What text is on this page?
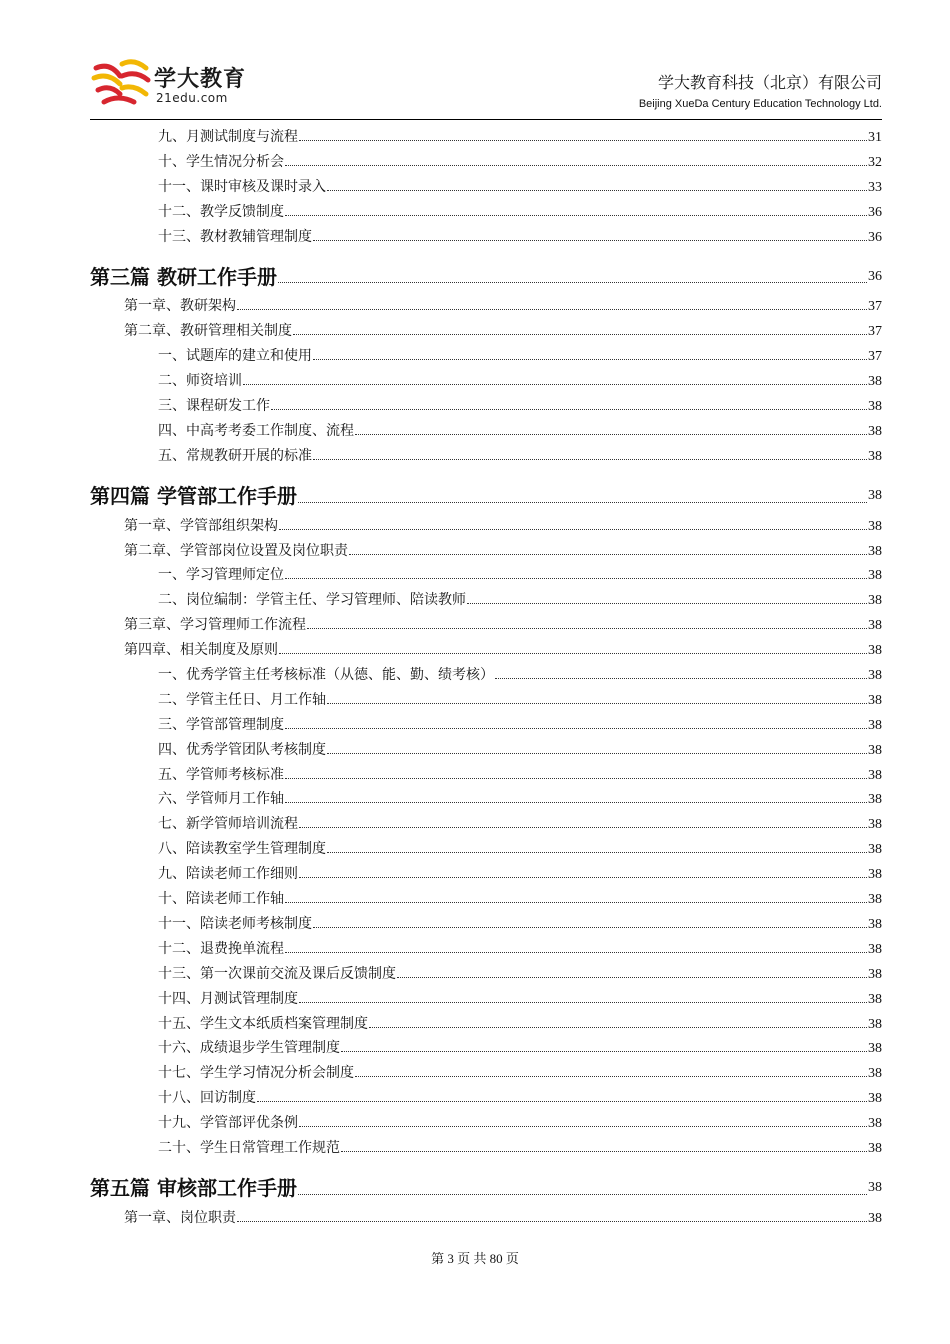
学大教育
21edu.com
学大教育科技（北京）有限公司
Beijing XueDa Century Education Technology Ltd.
九、月测试制度与流程	31
十、学生情况分析会	32
十一、课时审核及课时录入	33
十二、教学反馈制度	36
十三、教材教辅管理制度	36
第三篇 教研工作手册	36
第一章、教研架构	37
第二章、教研管理相关制度	37
一、试题库的建立和使用	37
二、师资培训	38
三、课程研发工作	38
四、中高考考委工作制度、流程	38
五、常规教研开展的标准	38
第四篇 学管部工作手册	38
第一章、学管部组织架构	38
第二章、学管部岗位设置及岗位职责	38
一、学习管理师定位	38
二、岗位编制：学管主任、学习管理师、陪读教师	38
第三章、学习管理师工作流程	38
第四章、相关制度及原则	38
一、优秀学管主任考核标准（从德、能、勤、绩考核）	38
二、学管主任日、月工作轴	38
三、学管部管理制度	38
四、优秀学管团队考核制度	38
五、学管师考核标准	38
六、学管师月工作轴	38
七、新学管师培训流程	38
八、陪读教室学生管理制度	38
九、陪读老师工作细则	38
十、陪读老师工作轴	38
十一、陪读老师考核制度	38
十二、退费挽单流程	38
十三、第一次课前交流及课后反馈制度	38
十四、月测试管理制度	38
十五、学生文本纸质档案管理制度	38
十六、成绩退步学生管理制度	38
十七、学生学习情况分析会制度	38
十八、回访制度	38
十九、学管部评优条例	38
二十、学生日常管理工作规范	38
第五篇 审核部工作手册	38
第一章、岗位职责	38
第 3 页 共 80 页
